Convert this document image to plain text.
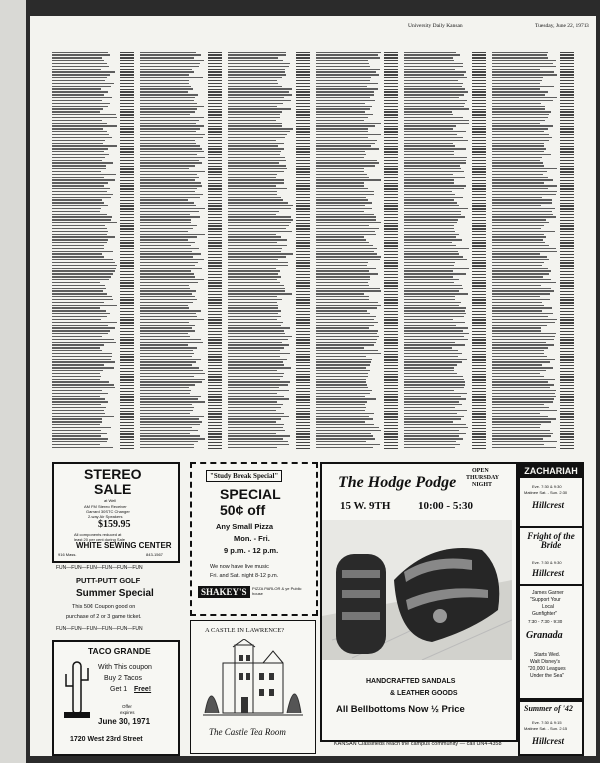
University Daily Kansan	Tuesday, June 22, 1971 3
STEREO
SALE
at Well
AM FM Stereo Receiver
Garrard 30STC Changer
2-way Air Speakers
$159.95
All components reduced at
least 20 per cent during Sale
WHITE SEWING CENTER
916 Mass.	843-1567
FUN—FUN—FUN—FUN—FUN—FUN
PUTT-PUTT GOLF
Summer Special
This 50¢ Coupon good on
purchase of 2 or 3 game ticket.
FUN—FUN—FUN—FUN—FUN—FUN
TACO GRANDE
With This coupon
Buy 2 Tacos
Get 1 Free!
Offer
expires
June 30, 1971
1720 West 23rd Street
"Study Break Special"
SPECIAL
50¢ off
Any Small Pizza
Mon. - Fri.
9 p.m. - 12 p.m.
We now have live music
Fri. and Sat. night 8-12 p.m.
SHAKEY'S	PIZZA PARLOR & ye Public house
A CASTLE IN LAWRENCE?
The Castle Tea Room
The Hodge Podge
OPEN
THURSDAY
NIGHT
15 W. 9TH	10:00 - 5:30
HANDCRAFTED SANDALS
& LEATHER GOODS
All Bellbottoms Now ½ Price
KANSAN Classifieds reach the campus community — call UN4-4358
ZACHARIAH
Eve. 7:30 & 9:30
Matinee Sat. - Sun. 2:30
Hillcrest
Fright of the Bride
Eve. 7:30 & 9:30
Hillcrest
James Garner
"Support Your
Local
Gunfighter"
7:30 - 7:30 - 9:30
Granada
Starts Wed.
Walt Disney's
"20,000 Leagues
Under the Sea"
Summer of '42
Eve. 7:30 & 9:15
Matinee Sat. - Sun. 2:15
Hillcrest
